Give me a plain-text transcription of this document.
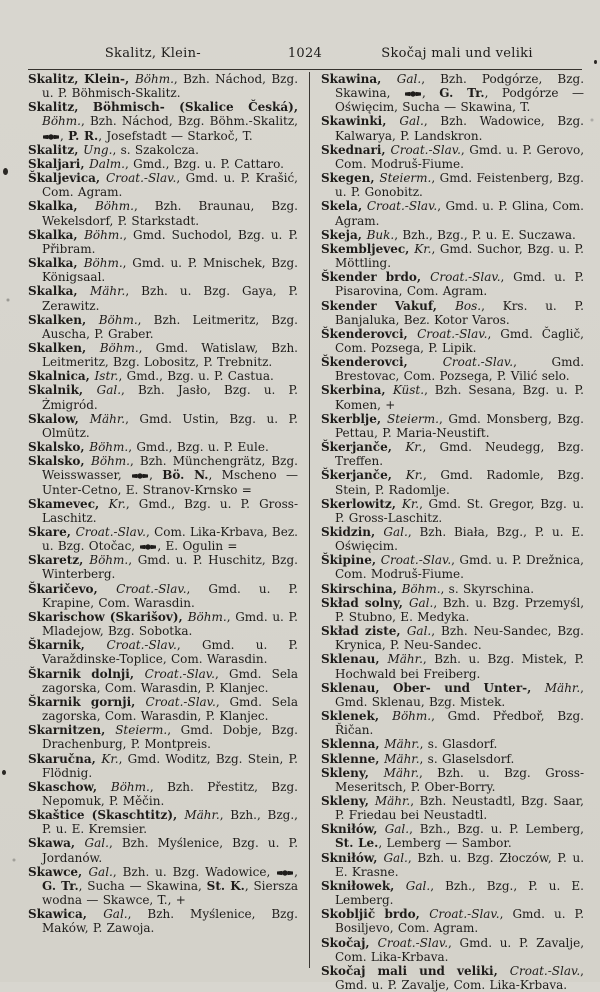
Skalitz, Klein-	1024	Skočaj mali und veliki
Skalitz, Klein-, Böhm., Bzh. Náchod, Bzg. u. P. Böhmisch-Skalitz.
Skalitz, Böhmisch- (Skalice Česká), Böhm., Bzh. Náchod, Bzg. Böhm.-Skalitz, , P. R., Josefstadt — Starkoč, T.
Skalitz, Ung., s. Szakolcza.
Skaljari, Dalm., Gmd., Bzg. u. P. Cattaro.
Škaljevica, Croat.-Slav., Gmd. u. P. Krašić, Com. Agram.
Skalka, Böhm., Bzh. Braunau, Bzg. Wekelsdorf, P. Starkstadt.
Skalka, Böhm., Gmd. Suchodol, Bzg. u. P. Přibram.
Skalka, Böhm., Gmd. u. P. Mnischek, Bzg. Königsaal.
Skalka, Mähr., Bzh. u. Bzg. Gaya, P. Zerawitz.
Skalken, Böhm., Bzh. Leitmeritz, Bzg. Auscha, P. Graber.
Skalken, Böhm., Gmd. Watislaw, Bzh. Leitmeritz, Bzg. Lobositz, P. Trebnitz.
Skalnica, Istr., Gmd., Bzg. u. P. Castua.
Skalnik, Gal., Bzh. Jasło, Bzg. u. P. Żmigród.
Skalow, Mähr., Gmd. Ustin, Bzg. u. P. Olmütz.
Skalsko, Böhm., Gmd., Bzg. u. P. Eule.
Skalsko, Böhm., Bzh. Münchengrätz, Bzg. Weisswasser, , Bö. N., Mscheno — Unter-Cetno, E. Stranov-Krnsko =
Skamevec, Kr., Gmd., Bzg. u. P. Gross-Laschitz.
Skare, Croat.-Slav., Com. Lika-Krbava, Bez. u. Bzg. Otočac, , E. Ogulin =
Skaretz, Böhm., Gmd. u. P. Huschitz, Bzg. Winterberg.
Škaričevo, Croat.-Slav., Gmd. u. P. Krapine, Com. Warasdin.
Skarischow (Skarišov), Böhm., Gmd. u. P. Mladejow, Bzg. Sobotka.
Škarnik, Croat.-Slav., Gmd. u. P. Varaždinske-Toplice, Com. Warasdin.
Škarnik dolnji, Croat.-Slav., Gmd. Sela zagorska, Com. Warasdin, P. Klanjec.
Škarnik gornji, Croat.-Slav., Gmd. Sela zagorska, Com. Warasdin, P. Klanjec.
Skarnitzen, Steierm., Gmd. Dobje, Bzg. Drachenburg, P. Montpreis.
Skaručna, Kr., Gmd. Woditz, Bzg. Stein, P. Flödnig.
Skaschow, Böhm., Bzh. Přestitz, Bzg. Nepomuk, P. Měčin.
Skaštice (Skaschtitz), Mähr., Bzh., Bzg., P. u. E. Kremsier.
Skawa, Gal., Bzh. Myślenice, Bzg. u. P. Jordanów.
Skawce, Gal., Bzh. u. Bzg. Wadowice, , G. Tr., Sucha — Skawina, St. K., Siersza wodna — Skawce, T., +
Skawica, Gal., Bzh. Myślenice, Bzg. Maków, P. Zawoja.
Skawina, Gal., Bzh. Podgórze, Bzg. Skawina, , G. Tr., Podgórze — Oświęcim, Sucha — Skawina, T.
Skawinki, Gal., Bzh. Wadowice, Bzg. Kalwarya, P. Landskron.
Skednari, Croat.-Slav., Gmd. u. P. Gerovo, Com. Modruš-Fiume.
Skegen, Steierm., Gmd. Feistenberg, Bzg. u. P. Gonobitz.
Skela, Croat.-Slav., Gmd. u. P. Glina, Com. Agram.
Skeja, Buk., Bzh., Bzg., P. u. E. Suczawa.
Skembljevec, Kr., Gmd. Suchor, Bzg. u. P. Möttling.
Škender brdo, Croat.-Slav., Gmd. u. P. Pisarovina, Com. Agram.
Skender Vakuf, Bos., Krs. u. P. Banjaluka, Bez. Kotor Varos.
Škenderovci, Croat.-Slav., Gmd. Čaglič, Com. Pozsega, P. Lipik.
Škenderovci, Croat.-Slav., Gmd. Brestovac, Com. Pozsega, P. Vilić selo.
Skerbina, Küst., Bzh. Sesana, Bzg. u. P. Komen, +
Skerblje, Steierm., Gmd. Monsberg, Bzg. Pettau, P. Maria-Neustift.
Škerjanče, Kr., Gmd. Neudegg, Bzg. Treffen.
Škerjanče, Kr., Gmd. Radomle, Bzg. Stein, P. Radomlje.
Skerlowitz, Kr., Gmd. St. Gregor, Bzg. u. P. Gross-Laschitz.
Skidzin, Gal., Bzh. Biała, Bzg., P. u. E. Oświęcim.
Škipine, Croat.-Slav., Gmd. u. P. Drežnica, Com. Modruš-Fiume.
Skirschina, Böhm., s. Skyrschina.
Skład solny, Gal., Bzh. u. Bzg. Przemyśl, P. Stubno, E. Medyka.
Skład ziste, Gal., Bzh. Neu-Sandec, Bzg. Krynica, P. Neu-Sandec.
Sklenau, Mähr., Bzh. u. Bzg. Mistek, P. Hochwald bei Freiberg.
Sklenau, Ober- und Unter-, Mähr., Gmd. Sklenau, Bzg. Mistek.
Sklenek, Böhm., Gmd. Předboř, Bzg. Řičan.
Sklenna, Mähr., s. Glasdorf.
Sklenne, Mähr., s. Glaselsdorf.
Skleny, Mähr., Bzh. u. Bzg. Gross-Meseritsch, P. Ober-Borry.
Skleny, Mähr., Bzh. Neustadtl, Bzg. Saar, P. Friedau bei Neustadtl.
Skniłów, Gal., Bzh., Bzg. u. P. Lemberg, St. Le., Lemberg — Sambor.
Skniłów, Gal., Bzh. u. Bzg. Złoczów, P. u. E. Krasne.
Skniłowek, Gal., Bzh., Bzg., P. u. E. Lemberg.
Skobljič brdo, Croat.-Slav., Gmd. u. P. Bosiljevo, Com. Agram.
Skočaj, Croat.-Slav., Gmd. u. P. Zavalje, Com. Lika-Krbava.
Skočaj mali und veliki, Croat.-Slav., Gmd. u. P. Zavalje, Com. Lika-Krbava.
